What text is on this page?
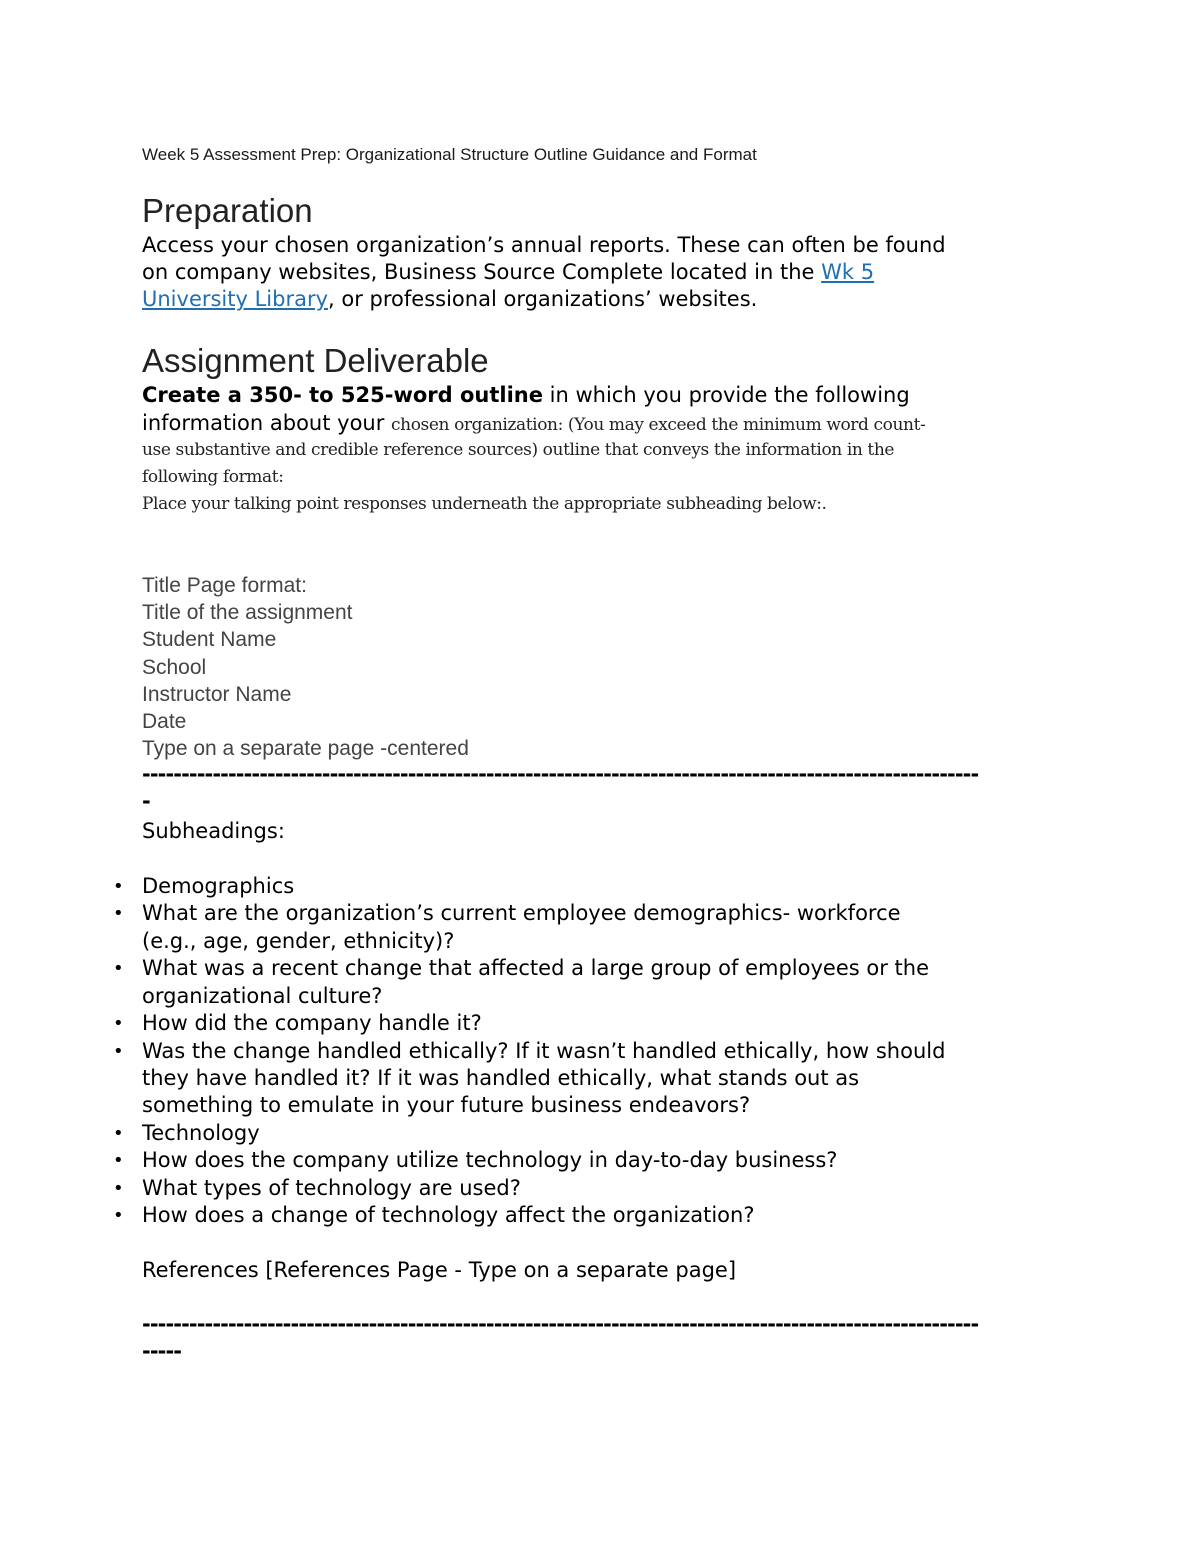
Week 5 Assessment Prep: Organizational Structure Outline Guidance and Format
Preparation
Access your chosen organization’s annual reports. These can often be found
on company websites, Business Source Complete located in the Wk 5
University Library, or professional organizations’ websites.
Assignment Deliverable
Create a 350- to 525-word outline in which you provide the following
information about your chosen organization: (You may exceed the minimum word count-
use substantive and credible reference sources) outline that conveys the information in the
following format:
Place your talking point responses underneath the appropriate subheading below:.
Title Page format:
Title of the assignment
Student Name
School
Instructor Name
Date
Type on a separate page -centered
-----------------------------------------------------------------------------------------------------------
-
Subheadings:
• Demographics
• What are the organization’s current employee demographics- workforce
(e.g., age, gender, ethnicity)?
• What was a recent change that affected a large group of employees or the
organizational culture?
• How did the company handle it?
• Was the change handled ethically? If it wasn’t handled ethically, how should
they have handled it? If it was handled ethically, what stands out as
something to emulate in your future business endeavors?
• Technology
• How does the company utilize technology in day-to-day business?
• What types of technology are used?
• How does a change of technology affect the organization?
References [References Page - Type on a separate page]
-----------------------------------------------------------------------------------------------------------
-----
